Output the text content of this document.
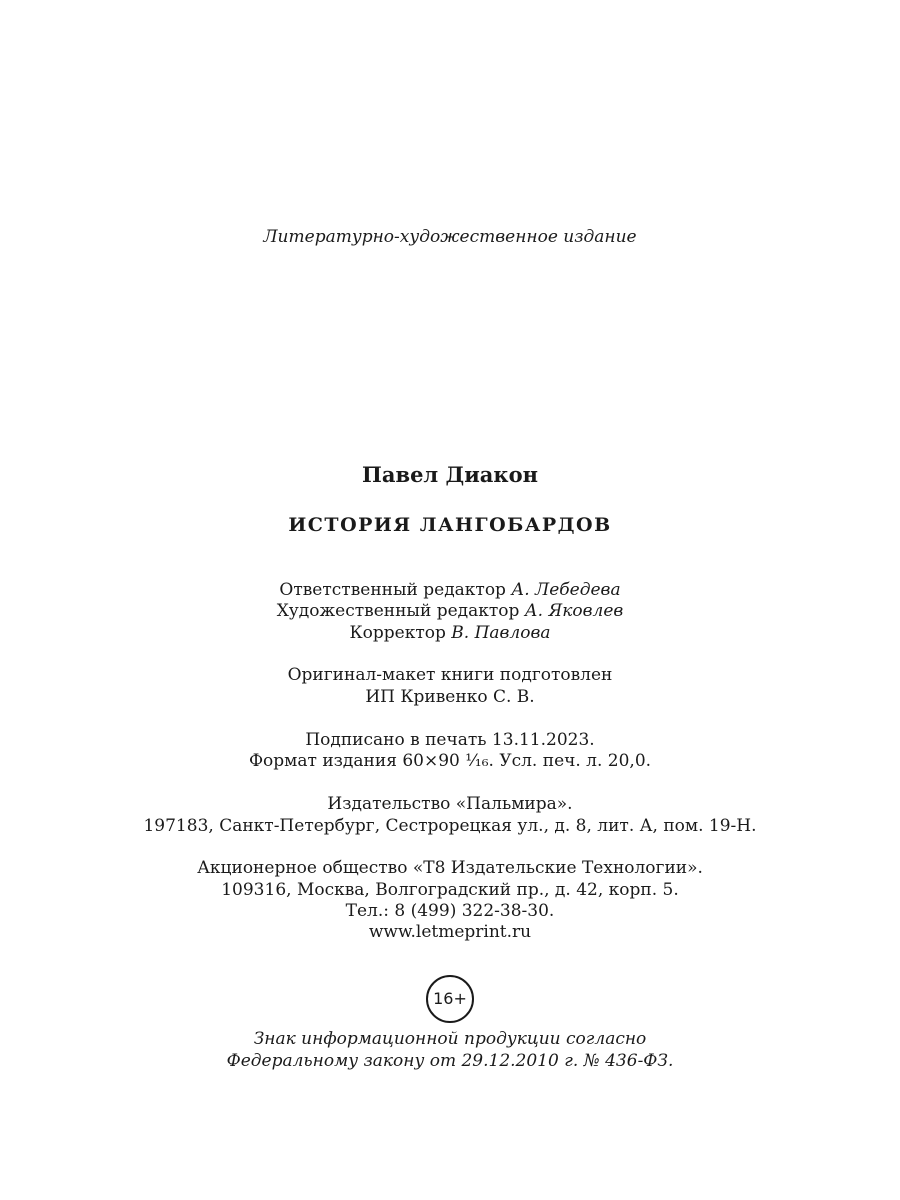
Литературно-художественное издание
Павел Диакон
ИСТОРИЯ ЛАНГОБАРДОВ
Ответственный редактор А. Лебедева
Художественный редактор А. Яковлев
Корректор В. Павлова
Оригинал-макет книги подготовлен
ИП Кривенко С. В.
Подписано в печать 13.11.2023.
Формат издания 60×90 ¹⁄₁₆. Усл. печ. л. 20,0.
Издательство «Пальмира».
197183, Санкт-Петербург, Сестрорецкая ул., д. 8, лит. А, пом. 19-Н.
Акционерное общество «Т8 Издательские Технологии».
109316, Москва, Волгоградский пр., д. 42, корп. 5.
Тел.: 8 (499) 322-38-30.
www.letmeprint.ru
16+
Знак информационной продукции согласно
Федеральному закону от 29.12.2010 г. № 436-ФЗ.
